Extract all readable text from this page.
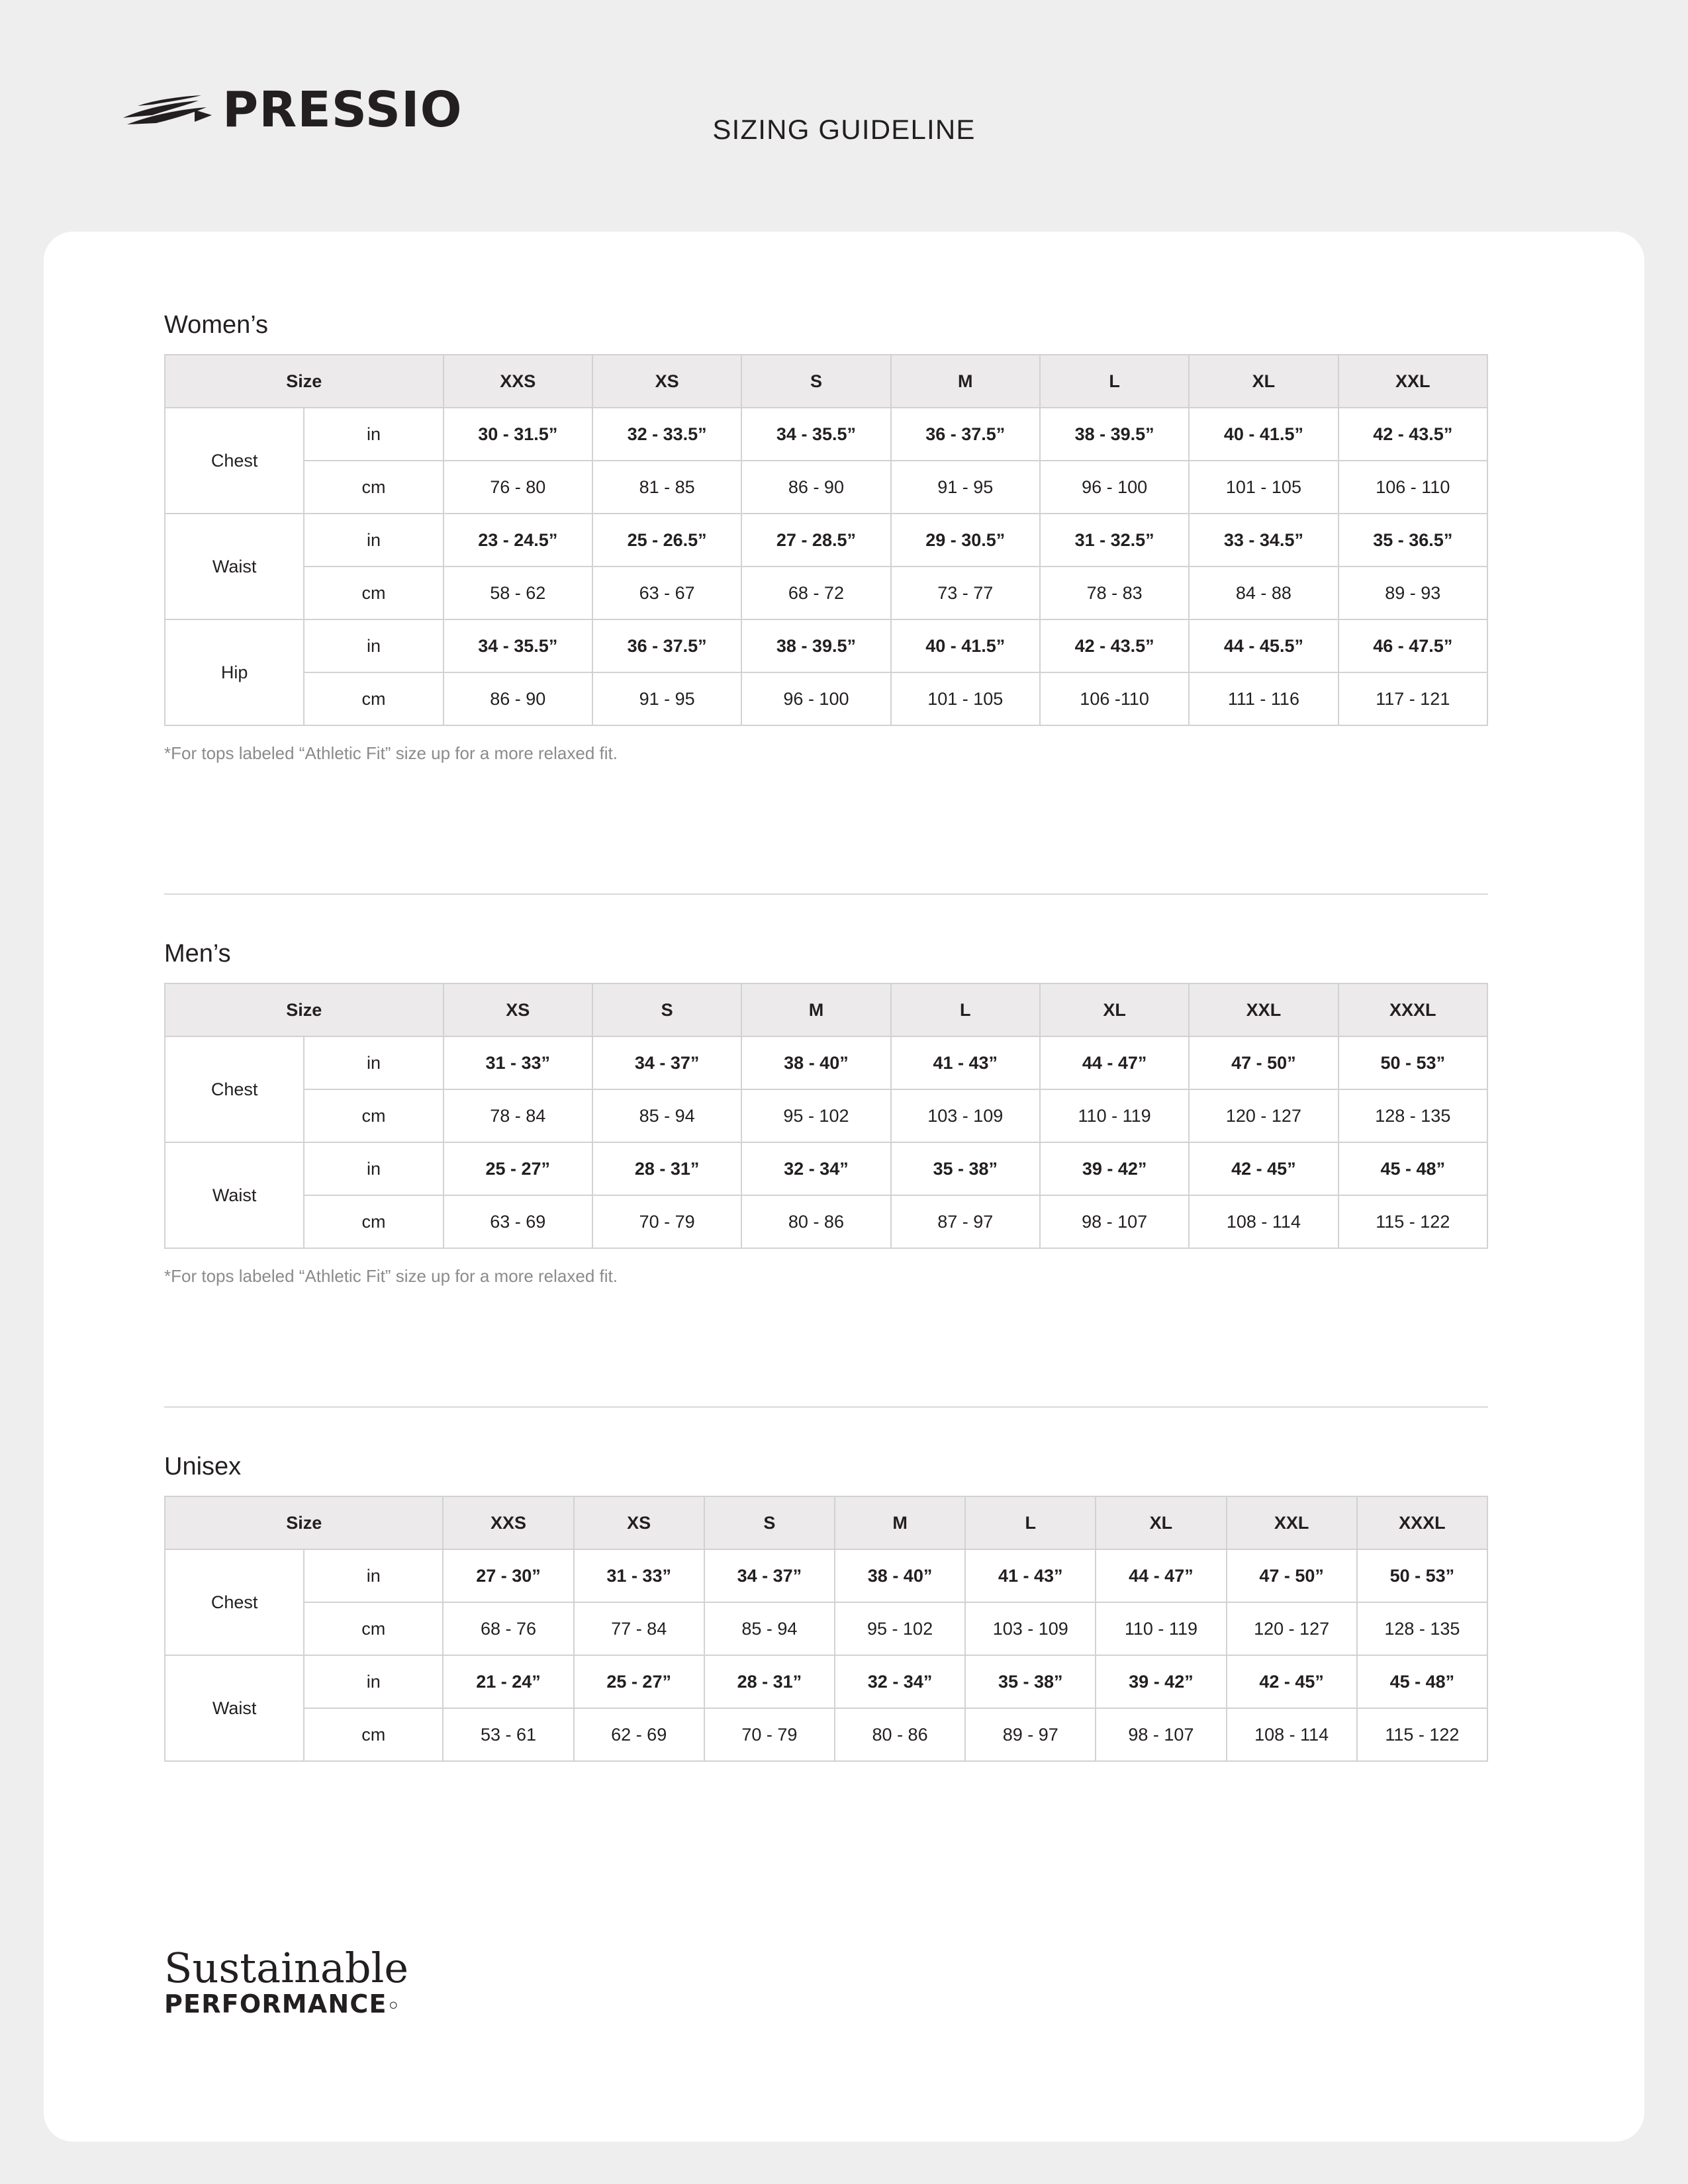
PRESSIO	SIZING GUIDELINE
Women’s
Size		XXS	XS	S	M	L	XL	XXL
Chest	in	30 - 31.5”	32 - 33.5”	34 - 35.5”	36 - 37.5”	38 - 39.5”	40 - 41.5”	42 - 43.5”
	cm	76 - 80	81 - 85	86 - 90	91 - 95	96 - 100	101 - 105	106 - 110
Waist	in	23 - 24.5”	25 - 26.5”	27 - 28.5”	29 - 30.5”	31 - 32.5”	33 - 34.5”	35 - 36.5”
	cm	58 - 62	63 - 67	68 - 72	73 - 77	78 - 83	84 - 88	89 - 93
Hip	in	34 - 35.5”	36 - 37.5”	38 - 39.5”	40 - 41.5”	42 - 43.5”	44 - 45.5”	46 - 47.5”
	cm	86 - 90	91 - 95	96 - 100	101 - 105	106 -110	111 - 116	117 - 121
*For tops labeled “Athletic Fit” size up for a more relaxed fit.
Men’s
Size		XS	S	M	L	XL	XXL	XXXL
Chest	in	31 - 33”	34 - 37”	38 - 40”	41 - 43”	44 - 47”	47 - 50”	50 - 53”
	cm	78 - 84	85 - 94	95 - 102	103 - 109	110 - 119	120 - 127	128 - 135
Waist	in	25 - 27”	28 - 31”	32 - 34”	35 - 38”	39 - 42”	42 - 45”	45 - 48”
	cm	63 - 69	70 - 79	80 - 86	87 - 97	98 - 107	108 - 114	115 - 122
*For tops labeled “Athletic Fit” size up for a more relaxed fit.
Unisex
Size		XXS	XS	S	M	L	XL	XXL	XXXL
Chest	in	27 - 30”	31 - 33”	34 - 37”	38 - 40”	41 - 43”	44 - 47”	47 - 50”	50 - 53”
	cm	68 - 76	77 - 84	85 - 94	95 - 102	103 - 109	110 - 119	120 - 127	128 - 135
Waist	in	21 - 24”	25 - 27”	28 - 31”	32 - 34”	35 - 38”	39 - 42”	42 - 45”	45 - 48”
	cm	53 - 61	62 - 69	70 - 79	80 - 86	89 - 97	98 - 107	108 - 114	115 - 122
Sustainable
PERFORMANCE◦
